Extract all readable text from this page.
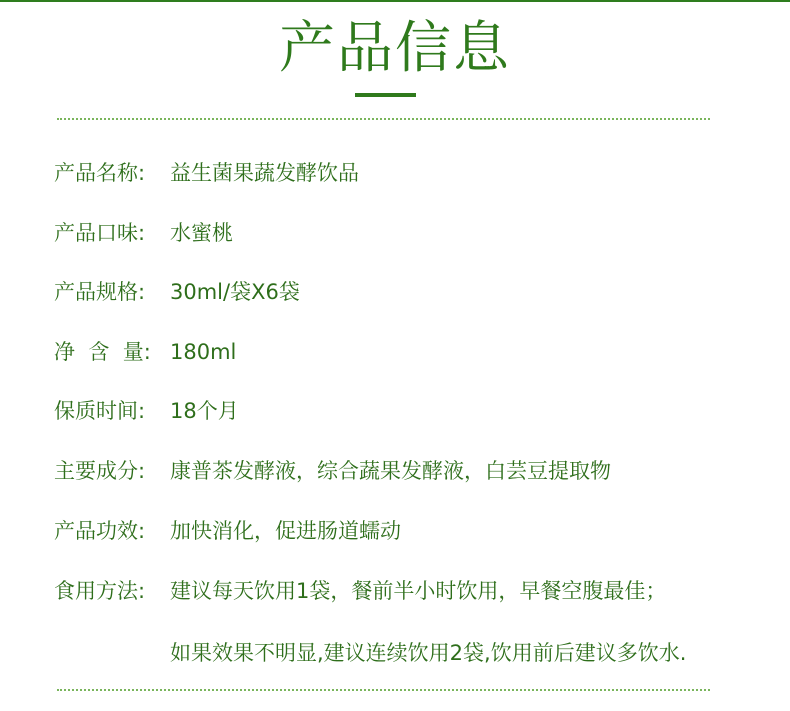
产品信息
产品名称: 益生菌果蔬发酵饮品
产品口味: 水蜜桃
产品规格: 30ml/袋X6袋
净  含  量: 180ml
保质时间: 18个月
主要成分: 康普茶发酵液，综合蔬果发酵液，白芸豆提取物
产品功效: 加快消化，促进肠道蠕动
食用方法: 建议每天饮用1袋，餐前半小时饮用，早餐空腹最佳；
如果效果不明显,建议连续饮用2袋,饮用前后建议多饮水.
